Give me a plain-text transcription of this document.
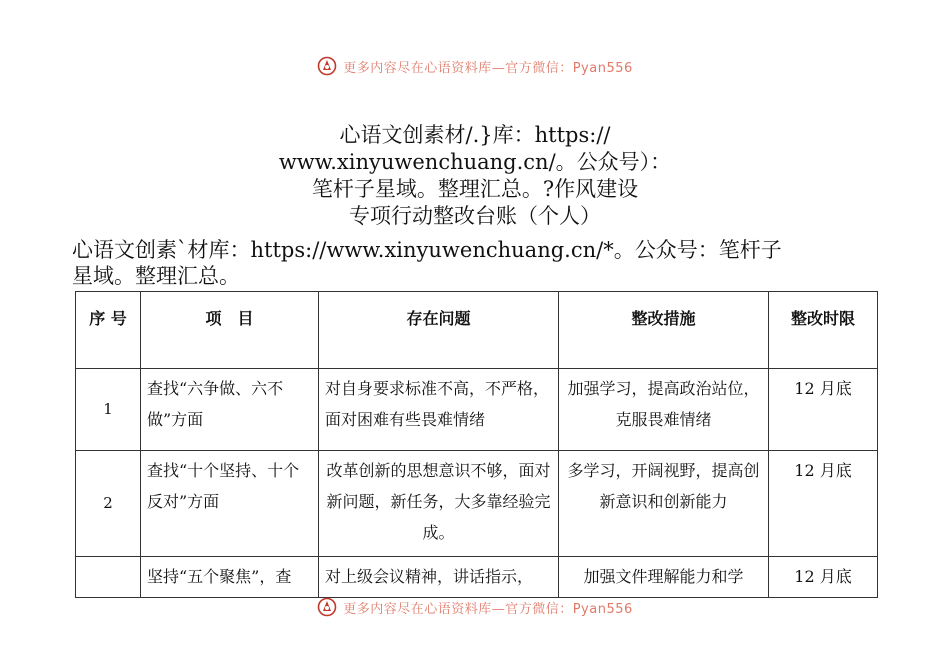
更多内容尽在心语资料库—官方微信：Pyan556
心语文创素材/.}库：https://
www.xinyuwenchuang.cn/。公众号）：
笔杆子星域。整理汇总。?作风建设
专项行动整改台账（个人）
心语文创素`材库：https://www.xinyuwenchuang.cn/*。公众号：笔杆子
星域。整理汇总。
序 号	项　目	存在问题	整改措施	整改时限
1	查找“六争做、六不做”方面	对自身要求标准不高，不严格，面对困难有些畏难情绪	加强学习，提高政治站位，克服畏难情绪	12 月底
2	查找“十个坚持、十个反对”方面	改革创新的思想意识不够，面对新问题，新任务，大多靠经验完成。	多学习，开阔视野，提高创新意识和创新能力	12 月底
	坚持“五个聚焦”，查	对上级会议精神，讲话指示，	加强文件理解能力和学	12 月底
更多内容尽在心语资料库—官方微信：Pyan556
